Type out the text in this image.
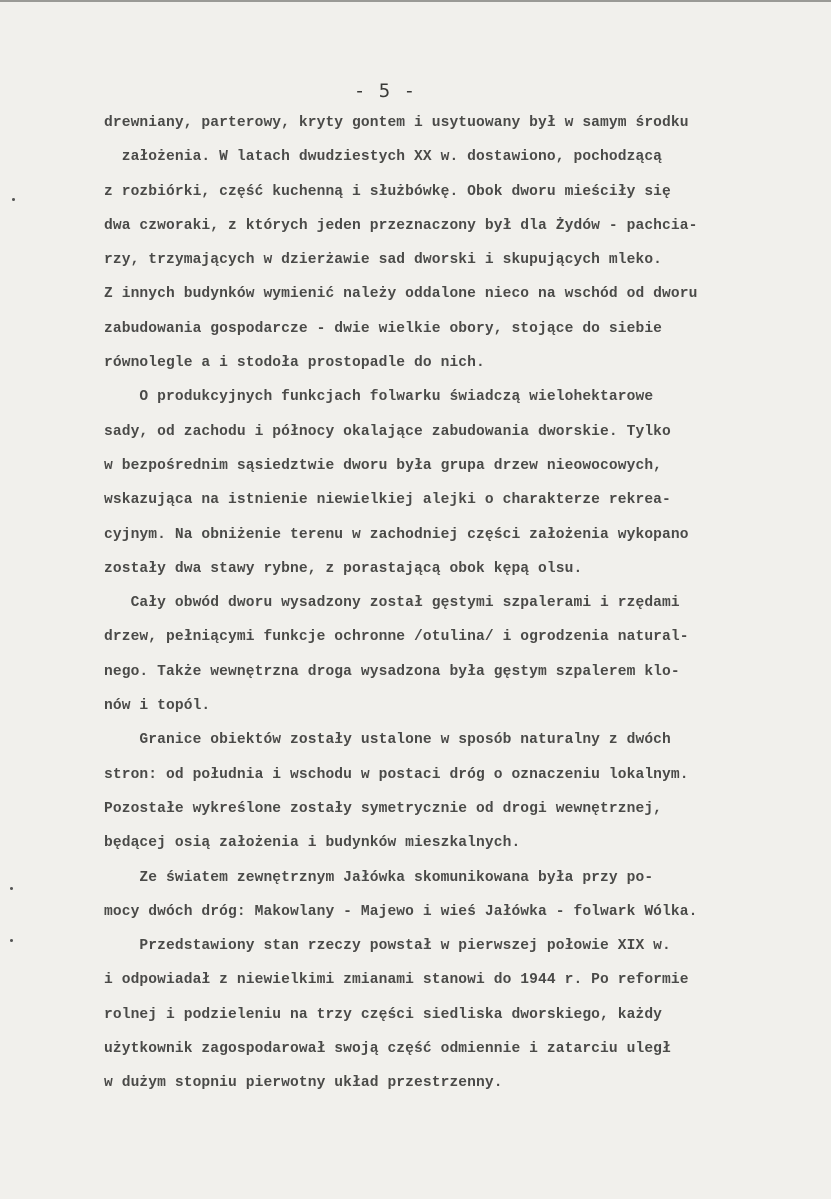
- 5 -
drewniany, parterowy, kryty gontem i usytuowany był w samym środku
założenia. W latach dwudziestych XX w. dostawiono, pochodzącą
z rozbiórki, część kuchenną i służbówkę. Obok dworu mieściły się
dwa czworaki, z których jeden przeznaczony był dla Żydów - pachcia-
rzy, trzymających w dzierżawie sad dworski i skupujących mleko.
Z innych budynków wymienić należy oddalone nieco na wschód od dworu
zabudowania gospodarcze - dwie wielkie obory, stojące do siebie
równolegle a i stodoła prostopadle do nich.
O produkcyjnych funkcjach folwarku świadczą wielohektarowe
sady, od zachodu i północy okalające zabudowania dworskie. Tylko
w bezpośrednim sąsiedztwie dworu była grupa drzew nieowocowych,
wskazująca na istnienie niewielkiej alejki o charakterze rekrea-
cyjnym. Na obniżenie terenu w zachodniej części założenia wykopano
zostały dwa stawy rybne, z porastającą obok kępą olsu.
Cały obwód dworu wysadzony został gęstymi szpalerami i rzędami
drzew, pełniącymi funkcje ochronne /otulina/ i ogrodzenia natural-
nego. Także wewnętrzna droga wysadzona była gęstym szpalerem klo-
nów i topól.
Granice obiektów zostały ustalone w sposób naturalny z dwóch
stron: od południa i wschodu w postaci dróg o oznaczeniu lokalnym.
Pozostałe wykreślone zostały symetrycznie od drogi wewnętrznej,
będącej osią założenia i budynków mieszkalnych.
Ze światem zewnętrznym Jałówka skomunikowana była przy po-
mocy dwóch dróg: Makowlany - Majewo i wieś Jałówka - folwark Wólka.
Przedstawiony stan rzeczy powstał w pierwszej połowie XIX w.
i odpowiadał z niewielkimi zmianami stanowi do 1944 r. Po reformie
rolnej i podzieleniu na trzy części siedliska dworskiego, każdy
użytkownik zagospodarował swoją część odmiennie i zatarciu uległ
w dużym stopniu pierwotny układ przestrzenny.
